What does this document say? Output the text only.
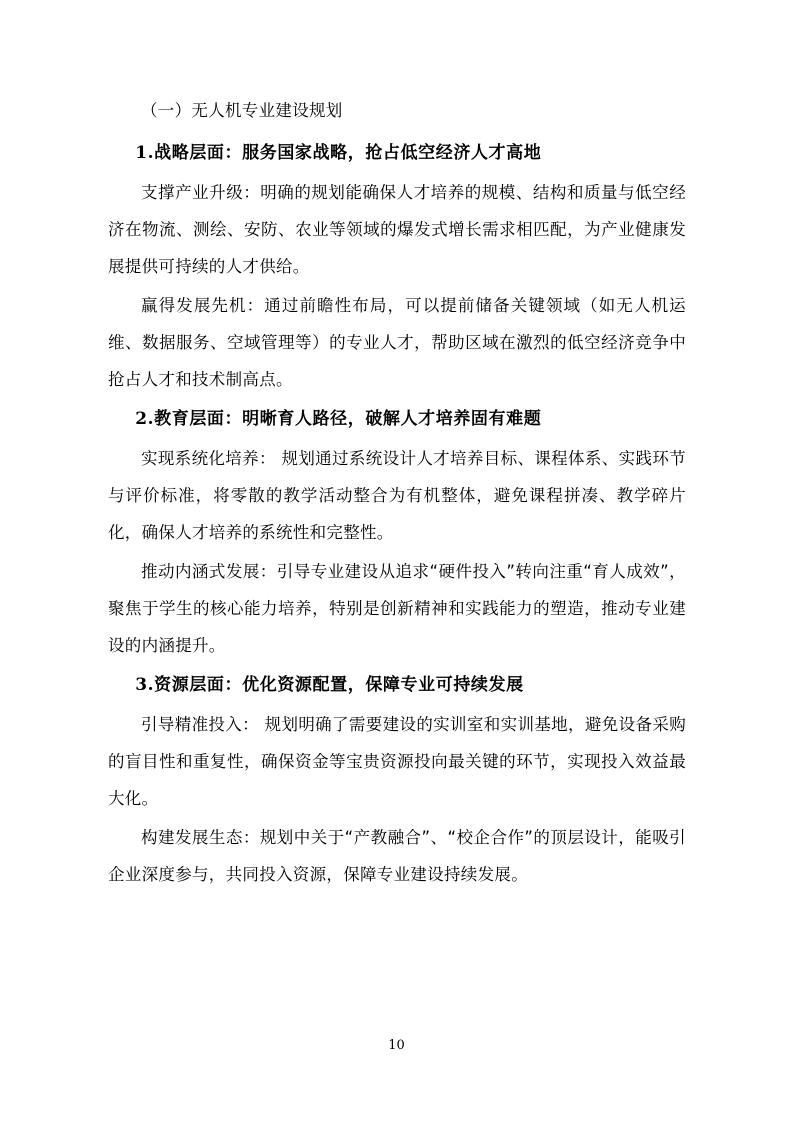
（一）无人机专业建设规划
1.战略层面：服务国家战略，抢占低空经济人才高地
支撑产业升级：明确的规划能确保人才培养的规模、结构和质量与低空经济在物流、测绘、安防、农业等领域的爆发式增长需求相匹配，为产业健康发展提供可持续的人才供给。
赢得发展先机：通过前瞻性布局，可以提前储备关键领域（如无人机运维、数据服务、空域管理等）的专业人才，帮助区域在激烈的低空经济竞争中抢占人才和技术制高点。
2.教育层面：明晰育人路径，破解人才培养固有难题
实现系统化培养： 规划通过系统设计人才培养目标、课程体系、实践环节与评价标准，将零散的教学活动整合为有机整体，避免课程拼凑、教学碎片化，确保人才培养的系统性和完整性。
推动内涵式发展：引导专业建设从追求“硬件投入”转向注重“育人成效”，聚焦于学生的核心能力培养，特别是创新精神和实践能力的塑造，推动专业建设的内涵提升。
3.资源层面：优化资源配置，保障专业可持续发展
引导精准投入： 规划明确了需要建设的实训室和实训基地，避免设备采购的盲目性和重复性，确保资金等宝贵资源投向最关键的环节，实现投入效益最大化。
构建发展生态：规划中关于“产教融合”、“校企合作”的顶层设计，能吸引企业深度参与，共同投入资源，保障专业建设持续发展。
10
